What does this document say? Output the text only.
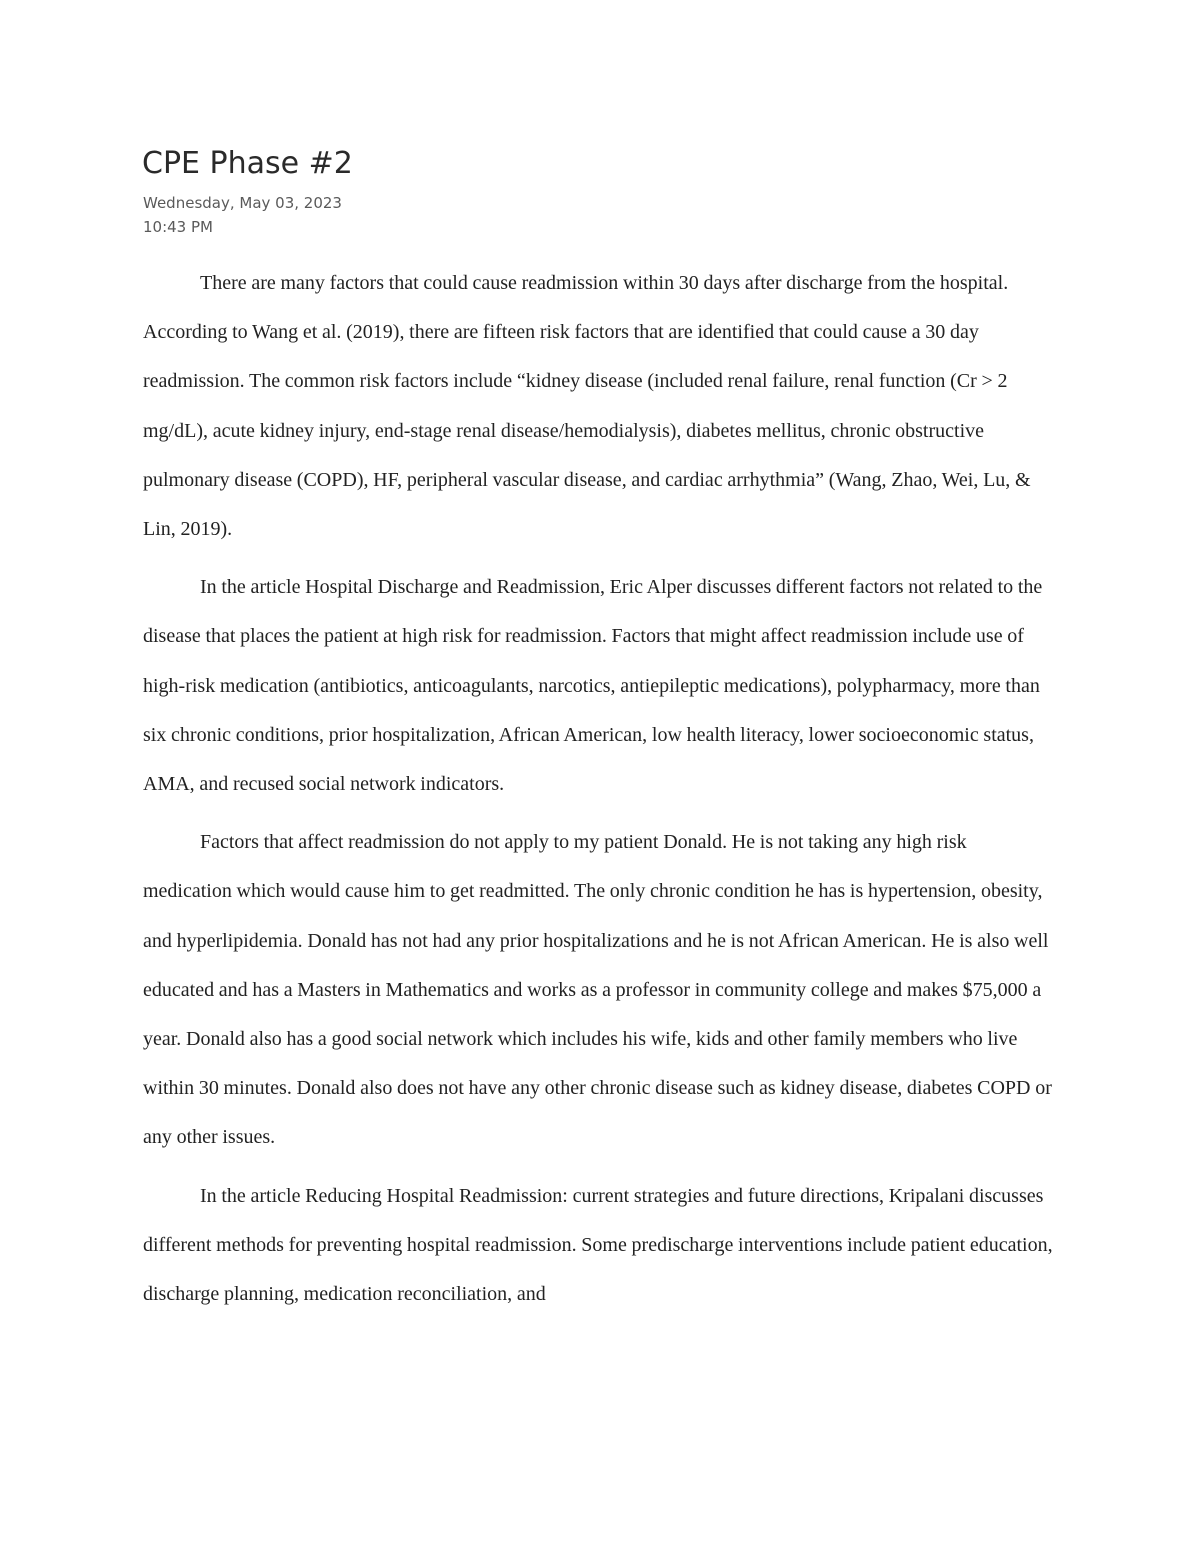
CPE Phase #2
Wednesday, May 03, 2023
10:43 PM

There are many factors that could cause readmission within 30 days after discharge from the hospital. According to Wang et al. (2019), there are fifteen risk factors that are identified that could cause a 30 day readmission. The common risk factors include “kidney disease (included renal failure, renal function (Cr > 2 mg/dL), acute kidney injury, end-stage renal disease/hemodialysis), diabetes mellitus, chronic obstructive pulmonary disease (COPD), HF, peripheral vascular disease, and cardiac arrhythmia” (Wang, Zhao, Wei, Lu, & Lin, 2019).

In the article Hospital Discharge and Readmission, Eric Alper discusses different factors not related to the disease that places the patient at high risk for readmission. Factors that might affect readmission include use of high-risk medication (antibiotics, anticoagulants, narcotics, antiepileptic medications), polypharmacy, more than six chronic conditions, prior hospitalization, African American, low health literacy, lower socioeconomic status, AMA, and recused social network indicators.

Factors that affect readmission do not apply to my patient Donald. He is not taking any high risk medication which would cause him to get readmitted. The only chronic condition he has is hypertension, obesity, and hyperlipidemia. Donald has not had any prior hospitalizations and he is not African American. He is also well educated and has a Masters in Mathematics and works as a professor in community college and makes $75,000 a year. Donald also has a good social network which includes his wife, kids and other family members who live within 30 minutes. Donald also does not have any other chronic disease such as kidney disease, diabetes COPD or any other issues.

In the article Reducing Hospital Readmission: current strategies and future directions, Kripalani discusses different methods for preventing hospital readmission. Some predischarge interventions include patient education, discharge planning, medication reconciliation, and
